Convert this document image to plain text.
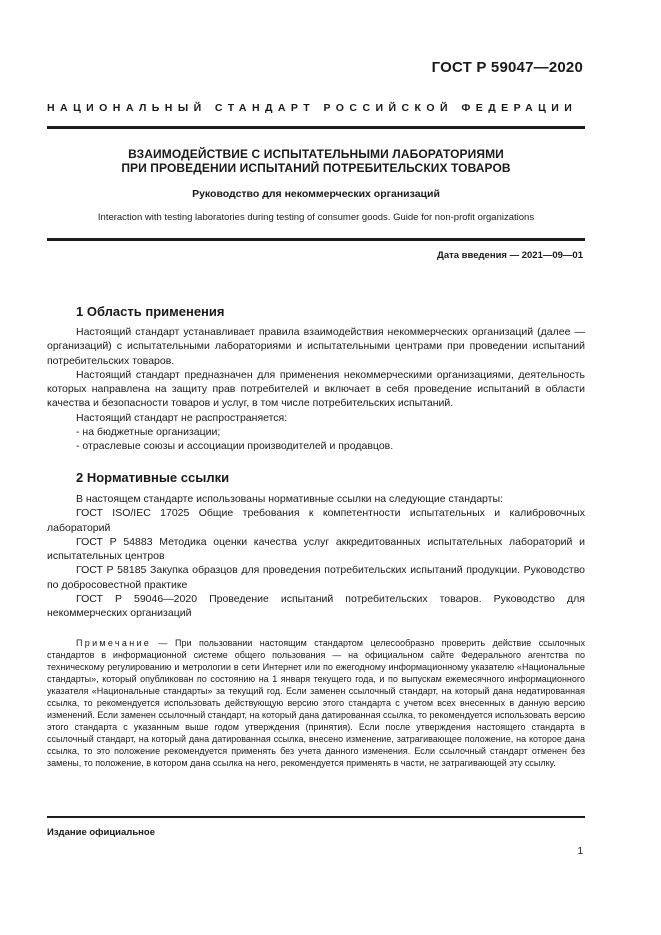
ГОСТ Р 59047—2020
НАЦИОНАЛЬНЫЙ СТАНДАРТ РОССИЙСКОЙ ФЕДЕРАЦИИ
ВЗАИМОДЕЙСТВИЕ С ИСПЫТАТЕЛЬНЫМИ ЛАБОРАТОРИЯМИ
ПРИ ПРОВЕДЕНИИ ИСПЫТАНИЙ ПОТРЕБИТЕЛЬСКИХ ТОВАРОВ
Руководство для некоммерческих организаций
Interaction with testing laboratories during testing of consumer goods. Guide for non-profit organizations
Дата введения — 2021—09—01
1 Область применения

Настоящий стандарт устанавливает правила взаимодействия некоммерческих организаций (далее — организаций) с испытательными лабораториями и испытательными центрами при проведении испытаний потребительских товаров.

Настоящий стандарт предназначен для применения некоммерческими организациями, деятельность которых направлена на защиту прав потребителей и включает в себя проведение испытаний в области качества и безопасности товаров и услуг, в том числе потребительских испытаний.

Настоящий стандарт не распространяется:

- на бюджетные организации;

- отраслевые союзы и ассоциации производителей и продавцов.

2 Нормативные ссылки

В настоящем стандарте использованы нормативные ссылки на следующие стандарты:

ГОСТ ISO/IEC 17025 Общие требования к компетентности испытательных и калибровочных лабораторий

ГОСТ Р 54883 Методика оценки качества услуг аккредитованных испытательных лабораторий и испытательных центров

ГОСТ Р 58185 Закупка образцов для проведения потребительских испытаний продукции. Руководство по добросовестной практике

ГОСТ Р 59046—2020 Проведение испытаний потребительских товаров. Руководство для некоммерческих организаций

Примечание — При пользовании настоящим стандартом целесообразно проверить действие ссылочных стандартов в информационной системе общего пользования — на официальном сайте Федерального агентства по техническому регулированию и метрологии в сети Интернет или по ежегодному информационному указателю «Национальные стандарты», который опубликован по состоянию на 1 января текущего года, и по выпускам ежемесячного информационного указателя «Национальные стандарты» за текущий год. Если заменен ссылочный стандарт, на который дана недатированная ссылка, то рекомендуется использовать действующую версию этого стандарта с учетом всех внесенных в данную версию изменений. Если заменен ссылочный стандарт, на который дана датированная ссылка, то рекомендуется использовать версию этого стандарта с указанным выше годом утверждения (принятия). Если после утверждения настоящего стандарта в ссылочный стандарт, на который дана датированная ссылка, внесено изменение, затрагивающее положение, на которое дана ссылка, то это положение рекомендуется применять без учета данного изменения. Если ссылочный стандарт отменен без замены, то положение, в котором дана ссылка на него, рекомендуется применять в части, не затрагивающей эту ссылку.

Издание официальное
1
